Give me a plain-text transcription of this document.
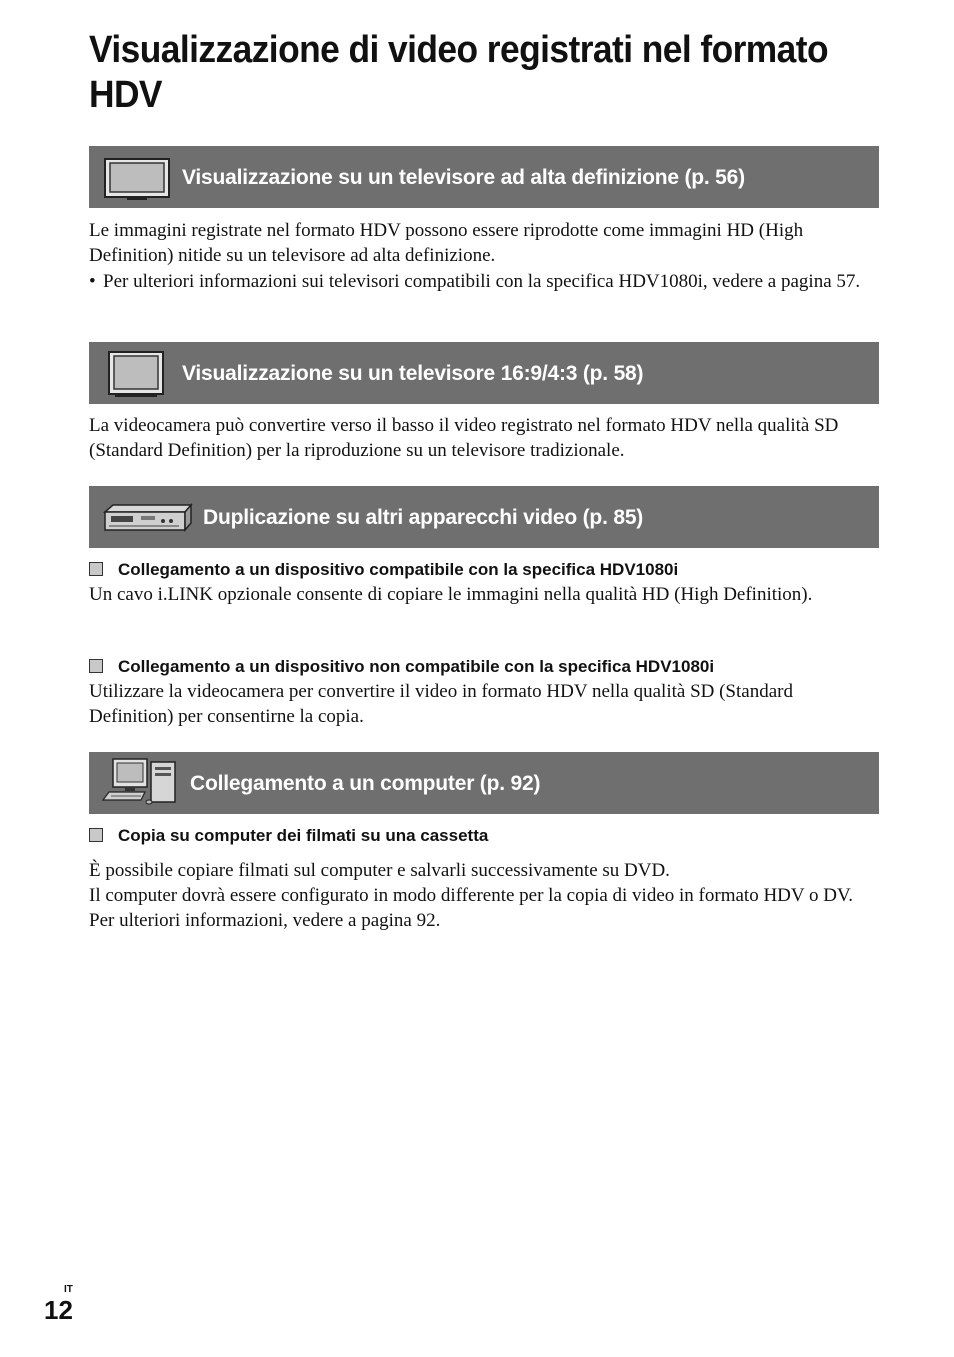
Visualizzazione di video registrati nel formato HDV
Visualizzazione su un televisore ad alta definizione (p. 56)
Le immagini registrate nel formato HDV possono essere riprodotte come immagini HD (High Definition) nitide su un televisore ad alta definizione.
• Per ulteriori informazioni sui televisori compatibili con la specifica HDV1080i, vedere a pagina 57.
Visualizzazione su un televisore 16:9/4:3 (p. 58)
La videocamera può convertire verso il basso il video registrato nel formato HDV nella qualità SD (Standard Definition) per la riproduzione su un televisore tradizionale.
Duplicazione su altri apparecchi video (p. 85)
Collegamento a un dispositivo compatibile con la specifica HDV1080i
Un cavo i.LINK opzionale consente di copiare le immagini nella qualità HD (High Definition).
Collegamento a un dispositivo non compatibile con la specifica HDV1080i
Utilizzare la videocamera per convertire il video in formato HDV nella qualità SD (Standard Definition) per consentirne la copia.
Collegamento a un computer (p. 92)
Copia su computer dei filmati su una cassetta
È possibile copiare filmati sul computer e salvarli successivamente su DVD.
Il computer dovrà essere configurato in modo differente per la copia di video in formato HDV o DV. Per ulteriori informazioni, vedere a pagina 92.
IT
12
